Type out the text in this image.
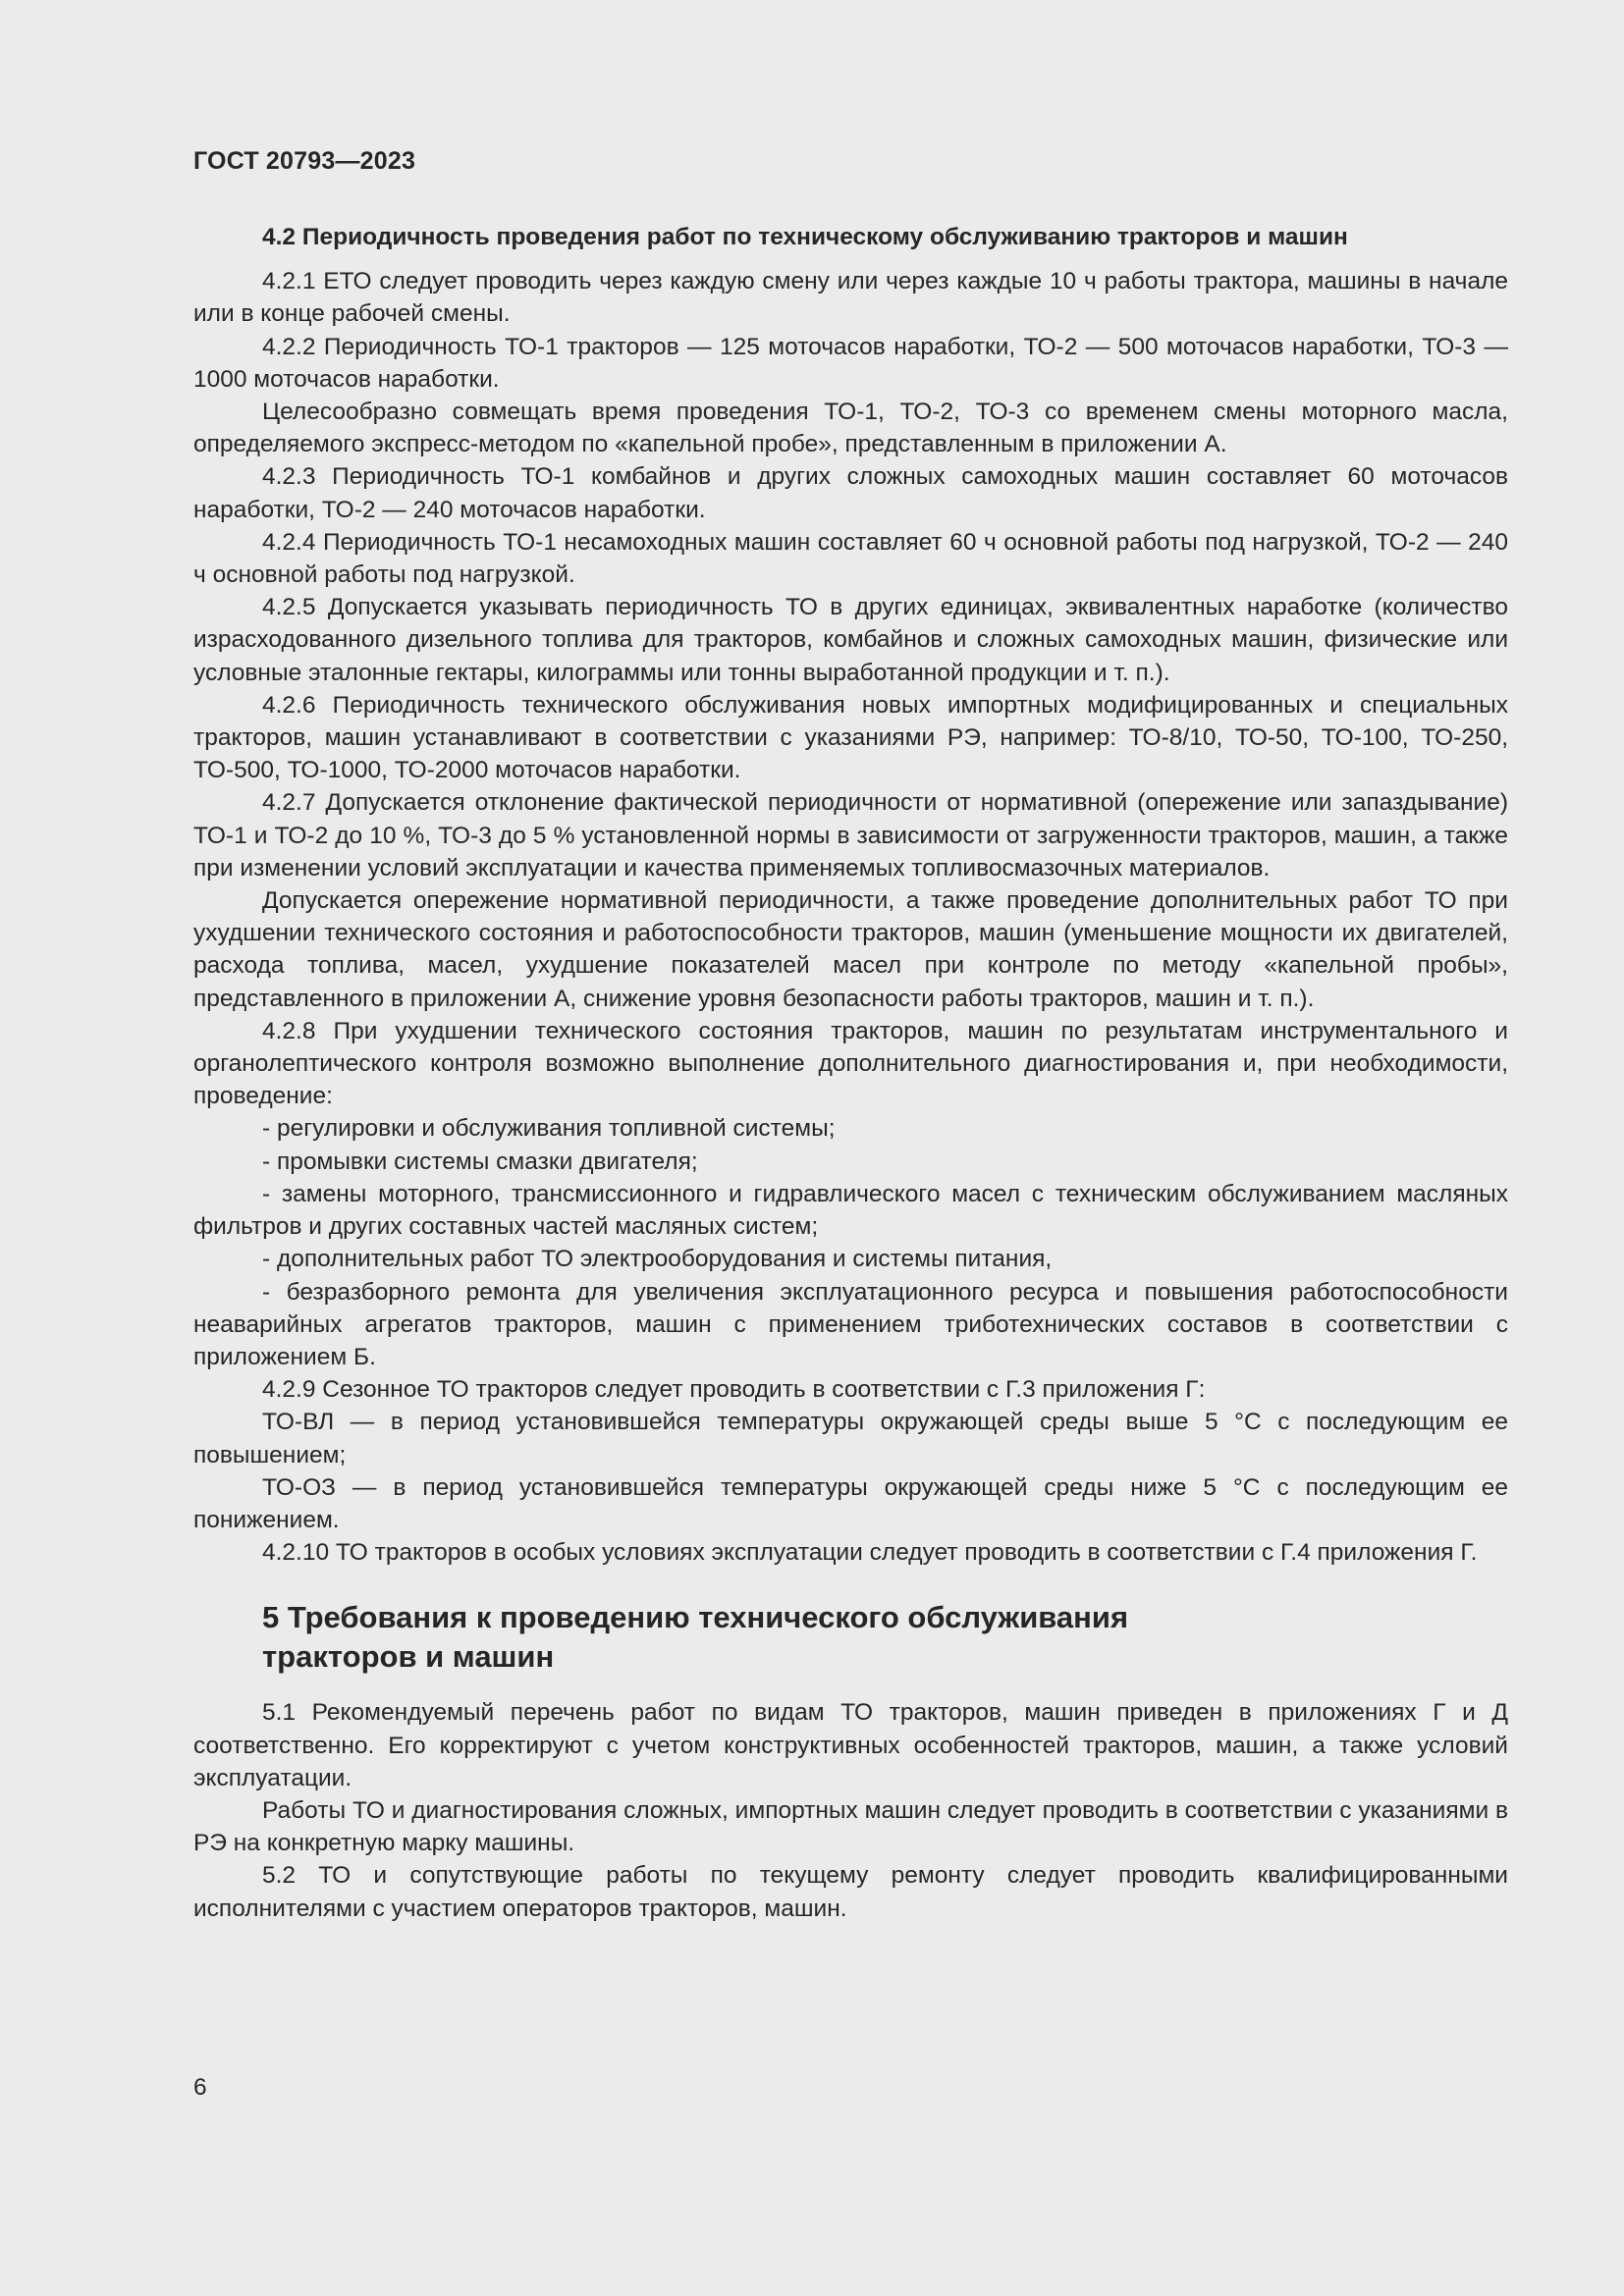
ГОСТ 20793—2023

4.2 Периодичность проведения работ по техническому обслуживанию тракторов и машин

4.2.1 ЕТО следует проводить через каждую смену или через каждые 10 ч работы трактора, машины в начале или в конце рабочей смены.

4.2.2 Периодичность ТО-1 тракторов — 125 моточасов наработки, ТО-2 — 500 моточасов наработки, ТО-3 — 1000 моточасов наработки.

Целесообразно совмещать время проведения ТО-1, ТО-2, ТО-3 со временем смены моторного масла, определяемого экспресс-методом по «капельной пробе», представленным в приложении А.

4.2.3 Периодичность ТО-1 комбайнов и других сложных самоходных машин составляет 60 моточасов наработки, ТО-2 — 240 моточасов наработки.

4.2.4 Периодичность ТО-1 несамоходных машин составляет 60 ч основной работы под нагрузкой, ТО-2 — 240 ч основной работы под нагрузкой.

4.2.5 Допускается указывать периодичность ТО в других единицах, эквивалентных наработке (количество израсходованного дизельного топлива для тракторов, комбайнов и сложных самоходных машин, физические или условные эталонные гектары, килограммы или тонны выработанной продукции и т. п.).

4.2.6 Периодичность технического обслуживания новых импортных модифицированных и специальных тракторов, машин устанавливают в соответствии с указаниями РЭ, например: ТО-8/10, ТО-50, ТО-100, ТО-250, ТО-500, ТО-1000, ТО-2000 моточасов наработки.

4.2.7 Допускается отклонение фактической периодичности от нормативной (опережение или запаздывание) ТО-1 и ТО-2 до 10 %, ТО-3 до 5 % установленной нормы в зависимости от загруженности тракторов, машин, а также при изменении условий эксплуатации и качества применяемых топливосмазочных материалов.

Допускается опережение нормативной периодичности, а также проведение дополнительных работ ТО при ухудшении технического состояния и работоспособности тракторов, машин (уменьшение мощности их двигателей, расхода топлива, масел, ухудшение показателей масел при контроле по методу «капельной пробы», представленного в приложении А, снижение уровня безопасности работы тракторов, машин и т. п.).

4.2.8 При ухудшении технического состояния тракторов, машин по результатам инструментального и органолептического контроля возможно выполнение дополнительного диагностирования и, при необходимости, проведение:

- регулировки и обслуживания топливной системы;

- промывки системы смазки двигателя;

- замены моторного, трансмиссионного и гидравлического масел с техническим обслуживанием масляных фильтров и других составных частей масляных систем;

- дополнительных работ ТО электрооборудования и системы питания,

- безразборного ремонта для увеличения эксплуатационного ресурса и повышения работоспособности неаварийных агрегатов тракторов, машин с применением триботехнических составов в соответствии с приложением Б.

4.2.9 Сезонное ТО тракторов следует проводить в соответствии с Г.3 приложения Г:

ТО-ВЛ — в период установившейся температуры окружающей среды выше 5 °С с последующим ее повышением;

ТО-ОЗ — в период установившейся температуры окружающей среды ниже 5 °С с последующим ее понижением.

4.2.10 ТО тракторов в особых условиях эксплуатации следует проводить в соответствии с Г.4 приложения Г.

5 Требования к проведению технического обслуживания
тракторов и машин

5.1 Рекомендуемый перечень работ по видам ТО тракторов, машин приведен в приложениях Г и Д соответственно. Его корректируют с учетом конструктивных особенностей тракторов, машин, а также условий эксплуатации.

Работы ТО и диагностирования сложных, импортных машин следует проводить в соответствии с указаниями в РЭ на конкретную марку машины.

5.2 ТО и сопутствующие работы по текущему ремонту следует проводить квалифицированными исполнителями с участием операторов тракторов, машин.

6
